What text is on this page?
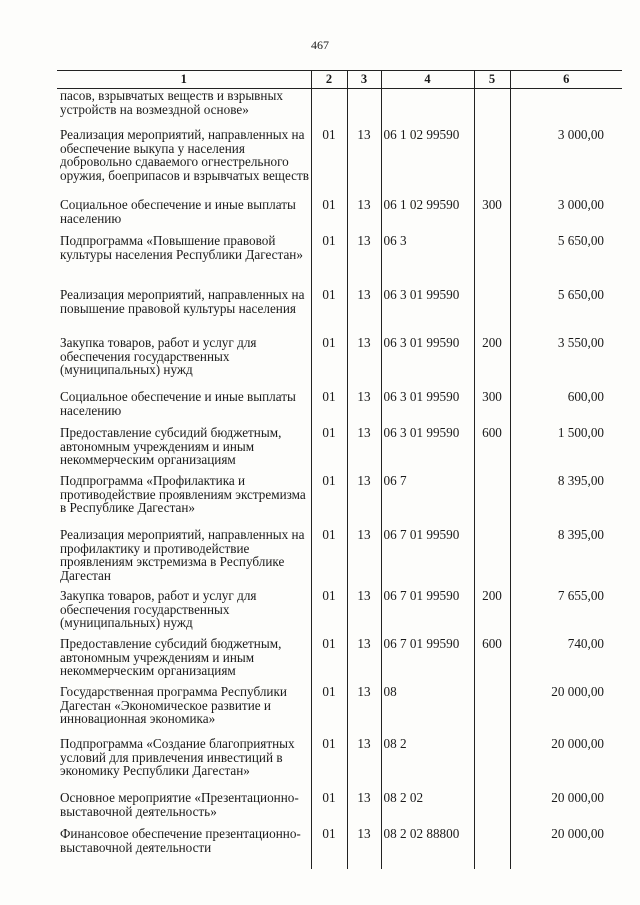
467
1	2	3	4	5	6
пасов, взрывчатых веществ и взрывных устройств на возмездной основе»					
Реализация мероприятий, направленных на обеспечение выкупа у населения добровольно сдаваемого огнестрельного оружия, боеприпасов и взрывчатых веществ	01	13	06 1 02 99590		3 000,00
Социальное обеспечение и иные выплаты населению	01	13	06 1 02 99590	300	3 000,00
Подпрограмма «Повышение правовой культуры населения Республики Дагестан»	01	13	06 3		5 650,00
Реализация мероприятий, направленных на повышение правовой культуры населения	01	13	06 3 01 99590		5 650,00
Закупка товаров, работ и услуг для обеспечения государственных (муниципальных) нужд	01	13	06 3 01 99590	200	3 550,00
Социальное обеспечение и иные выплаты населению	01	13	06 3 01 99590	300	600,00
Предоставление субсидий бюджетным, автономным учреждениям и иным некоммерческим организациям	01	13	06 3 01 99590	600	1 500,00
Подпрограмма «Профилактика и противодействие проявлениям экстремизма в Республике Дагестан»	01	13	06 7		8 395,00
Реализация мероприятий, направленных на профилактику и противодействие проявлениям экстремизма в Республике Дагестан	01	13	06 7 01 99590		8 395,00
Закупка товаров, работ и услуг для обеспечения государственных (муниципальных) нужд	01	13	06 7 01 99590	200	7 655,00
Предоставление субсидий бюджетным, автономным учреждениям и иным некоммерческим организациям	01	13	06 7 01 99590	600	740,00
Государственная программа Республики Дагестан «Экономическое развитие и инновационная экономика»	01	13	08		20 000,00
Подпрограмма «Создание благоприятных условий для привлечения инвестиций в экономику Республики Дагестан»	01	13	08 2		20 000,00
Основное мероприятие «Презентационно-выставочной деятельность»	01	13	08 2 02		20 000,00
Финансовое обеспечение презентационно-выставочной деятельности	01	13	08 2 02 88800		20 000,00
